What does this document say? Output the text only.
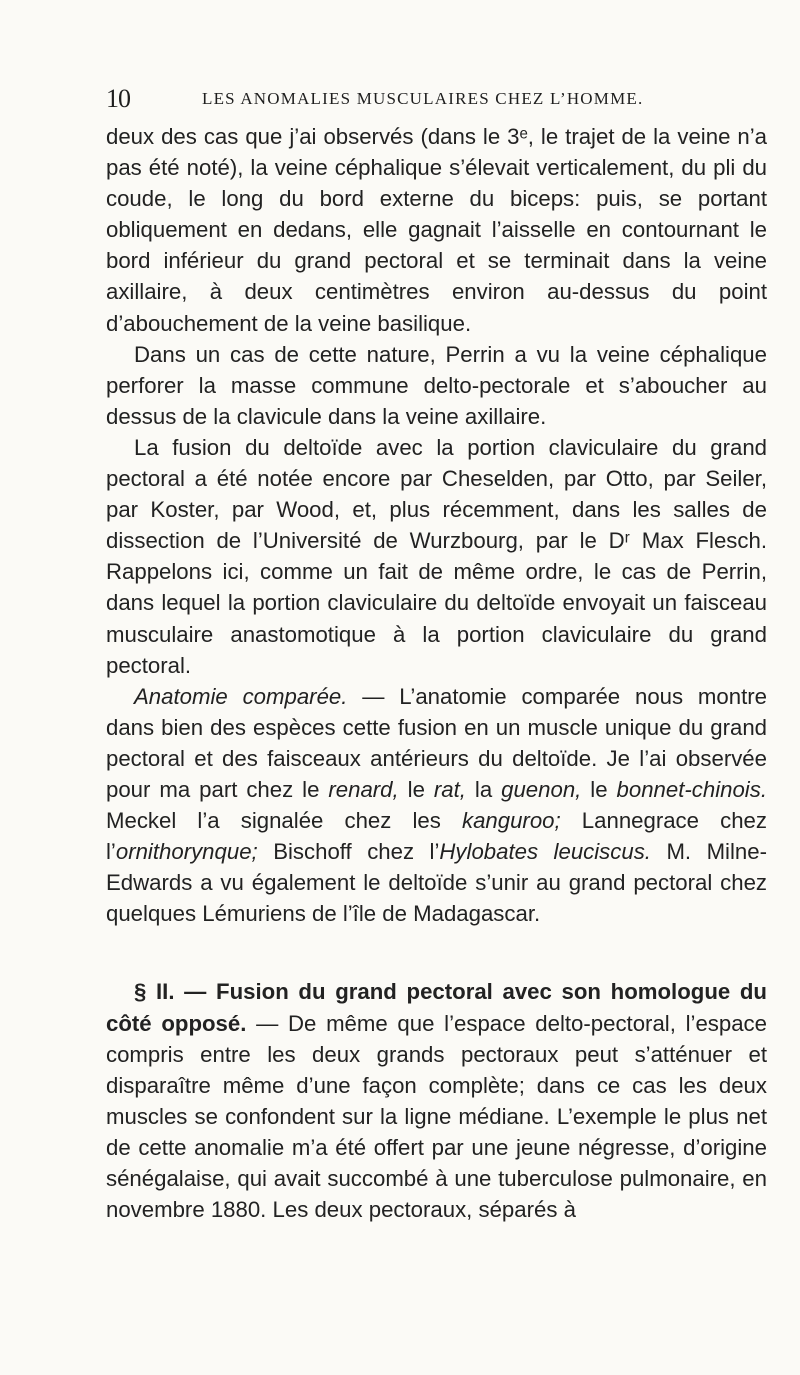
10	LES ANOMALIES MUSCULAIRES CHEZ L’HOMME.

deux des cas que j’ai observés (dans le 3ᵉ, le trajet de la veine n’a pas été noté), la veine céphalique s’élevait verticalement, du pli du coude, le long du bord externe du biceps: puis, se portant obliquement en dedans, elle gagnait l’aisselle en contournant le bord inférieur du grand pectoral et se terminait dans la veine axillaire, à deux centimètres environ au-dessus du point d’abouchement de la veine basilique.

Dans un cas de cette nature, Perrin a vu la veine céphalique perforer la masse commune delto-pectorale et s’aboucher au dessus de la clavicule dans la veine axillaire.

La fusion du deltoïde avec la portion claviculaire du grand pectoral a été notée encore par Cheselden, par Otto, par Seiler, par Koster, par Wood, et, plus récemment, dans les salles de dissection de l’Université de Wurzbourg, par le Dʳ Max Flesch. Rappelons ici, comme un fait de même ordre, le cas de Perrin, dans lequel la portion claviculaire du deltoïde envoyait un faisceau musculaire anastomotique à la portion claviculaire du grand pectoral.

Anatomie comparée. — L’anatomie comparée nous montre dans bien des espèces cette fusion en un muscle unique du grand pectoral et des faisceaux antérieurs du deltoïde. Je l’ai observée pour ma part chez le renard, le rat, la guenon, le bonnet-chinois. Meckel l’a signalée chez les kanguroo; Lannegrace chez l’ornithorynque; Bischoff chez l’Hylobates leuciscus. M. Milne-Edwards a vu également le deltoïde s’unir au grand pectoral chez quelques Lémuriens de l’île de Madagascar.

§ II. — Fusion du grand pectoral avec son homologue du côté opposé. — De même que l’espace delto-pectoral, l’espace compris entre les deux grands pectoraux peut s’atténuer et disparaître même d’une façon complète; dans ce cas les deux muscles se confondent sur la ligne médiane. L’exemple le plus net de cette anomalie m’a été offert par une jeune négresse, d’origine sénégalaise, qui avait succombé à une tuberculose pulmonaire, en novembre 1880. Les deux pectoraux, séparés à
